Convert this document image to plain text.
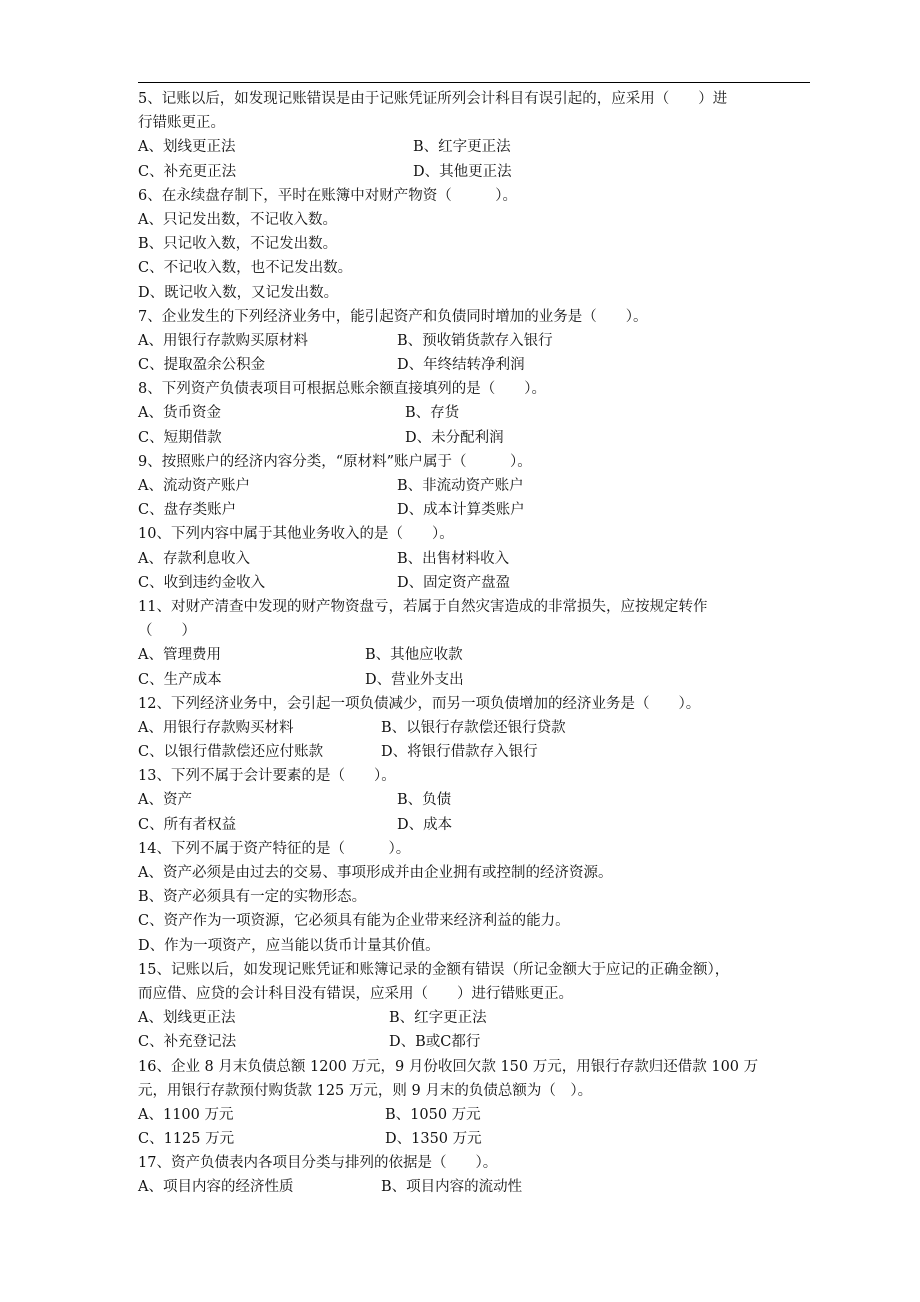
5、记账以后，如发现记账错误是由于记账凭证所列会计科目有误引起的，应采用（　　）进
行错账更正。
A、划线更正法	B、红字更正法
C、补充更正法	D、其他更正法
6、在永续盘存制下，平时在账簿中对财产物资（　　　）。
A、只记发出数，不记收入数。
B、只记收入数，不记发出数。
C、不记收入数，也不记发出数。
D、既记收入数，又记发出数。
7、企业发生的下列经济业务中，能引起资产和负债同时增加的业务是（　　）。
A、用银行存款购买原材料	B、预收销货款存入银行
C、提取盈余公积金	D、年终结转净利润
8、下列资产负债表项目可根据总账余额直接填列的是（　　）。
A、货币资金	B、存货
C、短期借款	D、未分配利润
9、按照账户的经济内容分类，“原材料”账户属于（　　　）。
A、流动资产账户	B、非流动资产账户
C、盘存类账户	D、成本计算类账户
10、下列内容中属于其他业务收入的是（　　）。
A、存款利息收入	B、出售材料收入
C、收到违约金收入	D、固定资产盘盈
11、对财产清查中发现的财产物资盘亏，若属于自然灾害造成的非常损失，应按规定转作
（　　）
A、管理费用	B、其他应收款
C、生产成本	D、营业外支出
12、下列经济业务中，会引起一项负债减少，而另一项负债增加的经济业务是（　　）。
A、用银行存款购买材料	B、以银行存款偿还银行贷款
C、以银行借款偿还应付账款	D、将银行借款存入银行
13、下列不属于会计要素的是（　　）。
A、资产	B、负债
C、所有者权益	D、成本
14、下列不属于资产特征的是（　　　）。
A、资产必须是由过去的交易、事项形成并由企业拥有或控制的经济资源。
B、资产必须具有一定的实物形态。
C、资产作为一项资源，它必须具有能为企业带来经济利益的能力。
D、作为一项资产，应当能以货币计量其价值。
15、记账以后，如发现记账凭证和账簿记录的金额有错误（所记金额大于应记的正确金额），
而应借、应贷的会计科目没有错误，应采用（　　）进行错账更正。
A、划线更正法	B、红字更正法
C、补充登记法	D、B或C都行
16、企业 8 月末负债总额 1200 万元，9 月份收回欠款 150 万元，用银行存款归还借款 100 万
元，用银行存款预付购货款 125 万元，则 9 月末的负债总额为（　）。
A、1100 万元	B、1050 万元
C、1125 万元	D、1350 万元
17、资产负债表内各项目分类与排列的依据是（　　）。
A、项目内容的经济性质	B、项目内容的流动性
